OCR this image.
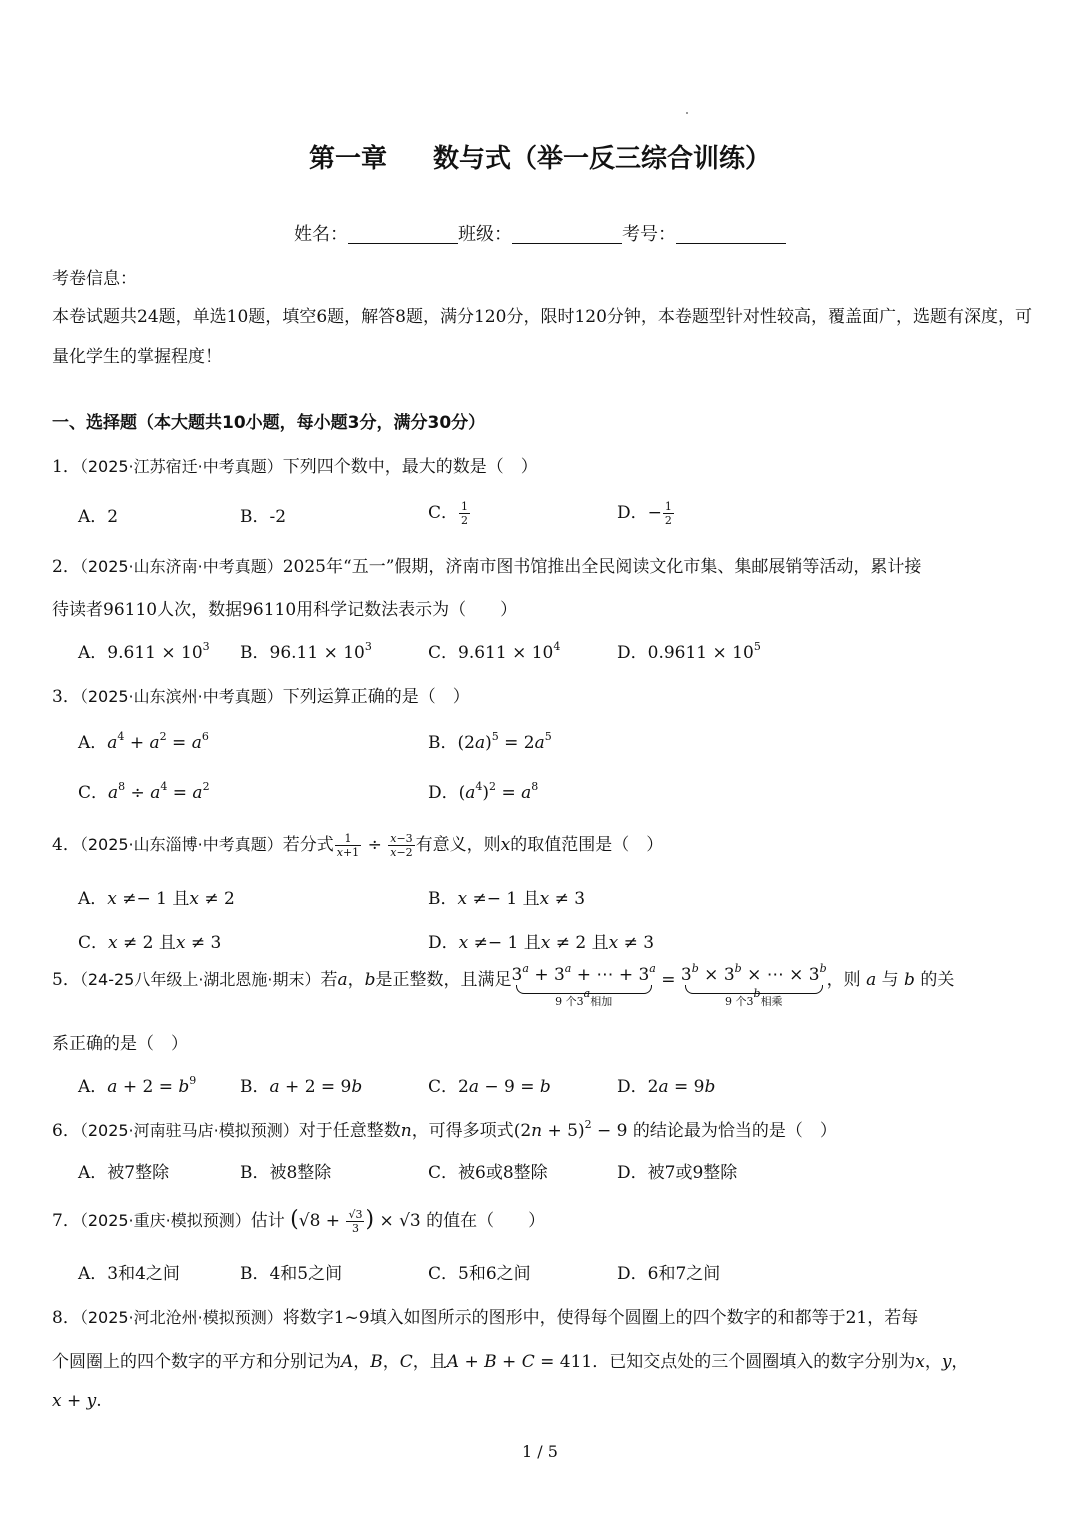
第一章 数与式（举一反三综合训练）
姓名：	班级：	考号：
考卷信息：
本卷试题共24题，单选10题，填空6题，解答8题，满分120分，限时120分钟，本卷题型针对性较高，覆盖面广，选题有深度，可量化学生的掌握程度！
一、选择题（本大题共10小题，每小题3分，满分30分）
1．（2025·江苏宿迁·中考真题）下列四个数中，最大的数是（　）
A．2	B．-2	C． $\frac{1}{2}$	D．− $\frac{1}{2}$
2．（2025·山东济南·中考真题）2025年“五一”假期，济南市图书馆推出全民阅读文化市集、集邮展销等活动，累计接
待读者96110人次，数据96110用科学记数法表示为（　　）
A．$9.611 \times 10^3$ B．$96.11 \times 10^3$	C．$9.611 \times 10^4$	D．$0.9611 \times 10^5$
3．（2025·山东滨州·中考真题）下列运算正确的是（　）
A．$a^4 + a^2 = a^6$	B．$(2a)^5 = 2a^5$
C．$a^8 \div a^4 = a^2$	D．$(a^4)^2 = a^8$
4．（2025·山东淄博·中考真题）若分式 $\frac{1}{x+1} \div \frac{x-3}{x-2}$ 有意义，则x的取值范围是（　）
A．x ≠− 1 且x ≠ 2	B．x ≠− 1 且x ≠ 3
C．x ≠ 2 且x ≠ 3	D．x ≠− 1 且x ≠ 2 且x ≠ 3
5．（24-25八年级上·湖北恩施·期末）若a，b是正整数，且满足 $3^a + 3^a$ + ⋯ + $3^a$
9 个3$^a$相加
= $3^b \times 3^b$ × ⋯ × $3^b$
9 个3$^b$相乘
，则 a 与 b 的关
系正确的是（　）
A．$a + 2 = b^9$	B．a + 2 = 9b	C．2a − 9 = b	D．2a = 9b
6．（2025·河南驻马店·模拟预测）对于任意整数n，可得多项式$(2n + 5)^2 - 9$ 的结论最为恰当的是（　）
A．被7整除	B．被8整除	C．被6或8整除	D．被7或9整除
7．（2025·重庆·模拟预测）估计 ($√8 + \frac{√3}{3}$ ) × √3 的值在（　　）
A．3和4之间	B．4和5之间	C．5和6之间	D．6和7之间
8．（2025·河北沧州·模拟预测）将数字1~9填入如图所示的图形中，使得每个圆圈上的四个数字的和都等于21，若每
个圆圈上的四个数字的平方和分别记为A，B，C，且A + B + C = 411．已知交点处的三个圆圈填入的数字分别为x，y，
x + y.
1 / 5
